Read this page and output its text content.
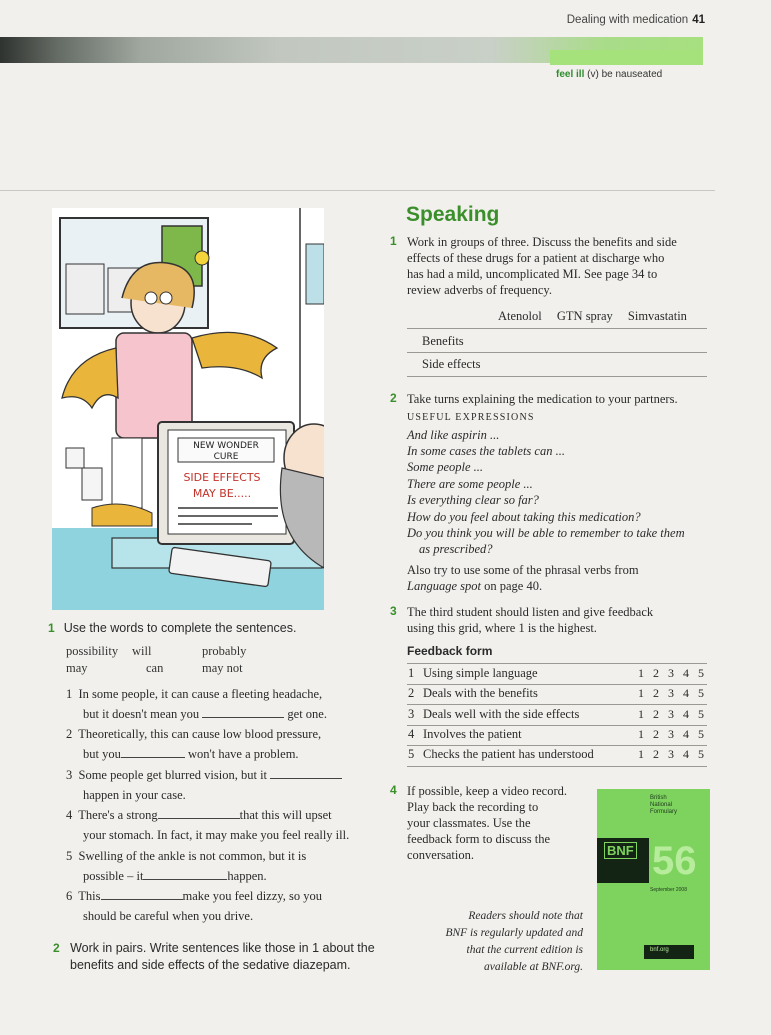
Dealing with medication 41
feel ill (v) be nauseated
NEW WONDER
CURE
SIDE EFFECTS
MAY BE.....
1 Use the words to complete the sentences.
possibility will	probably
may	can	may not
1 In some people, it can cause a fleeting headache,
but it doesn't mean you	get one.
2 Theoretically, this can cause low blood pressure,
but you	won't have a problem.
3 Some people get blurred vision, but it
happen in your case.
4 There's a strong	that this will upset
your stomach. In fact, it may make you feel really ill.
5 Swelling of the ankle is not common, but it is
possible – it	happen.
6 This	make you feel dizzy, so you
should be careful when you drive.
2 Work in pairs. Write sentences like those in 1 about the
benefits and side effects of the sedative diazepam.
Speaking
1 Work in groups of three. Discuss the benefits and side
effects of these drugs for a patient at discharge who
has had a mild, uncomplicated MI. See page 34 to
review adverbs of frequency.
Atenolol GTN spray Simvastatin
Benefits
Side effects
2 Take turns explaining the medication to your partners.
USEFUL EXPRESSIONS
And like aspirin ...
In some cases the tablets can ...
Some people ...
There are some people ...
Is everything clear so far?
How do you feel about taking this medication?
Do you think you will be able to remember to take them
as prescribed?
Also try to use some of the phrasal verbs from
Language spot on page 40.
3 The third student should listen and give feedback
using this grid, where 1 is the highest.
Feedback form
1 Using simple language	1 2 3 4 5
2 Deals with the benefits	1 2 3 4 5
3 Deals well with the side effects	1 2 3 4 5
4 Involves the patient	1 2 3 4 5
5 Checks the patient has understood	1 2 3 4 5
4 If possible, keep a video record.
Play back the recording to
your classmates. Use the
feedback form to discuss the
conversation.
Readers should note that
BNF is regularly updated and
that the current edition is
available at BNF.org.
British
National
Formulary
BNF 56
September 2008
bnf.org
